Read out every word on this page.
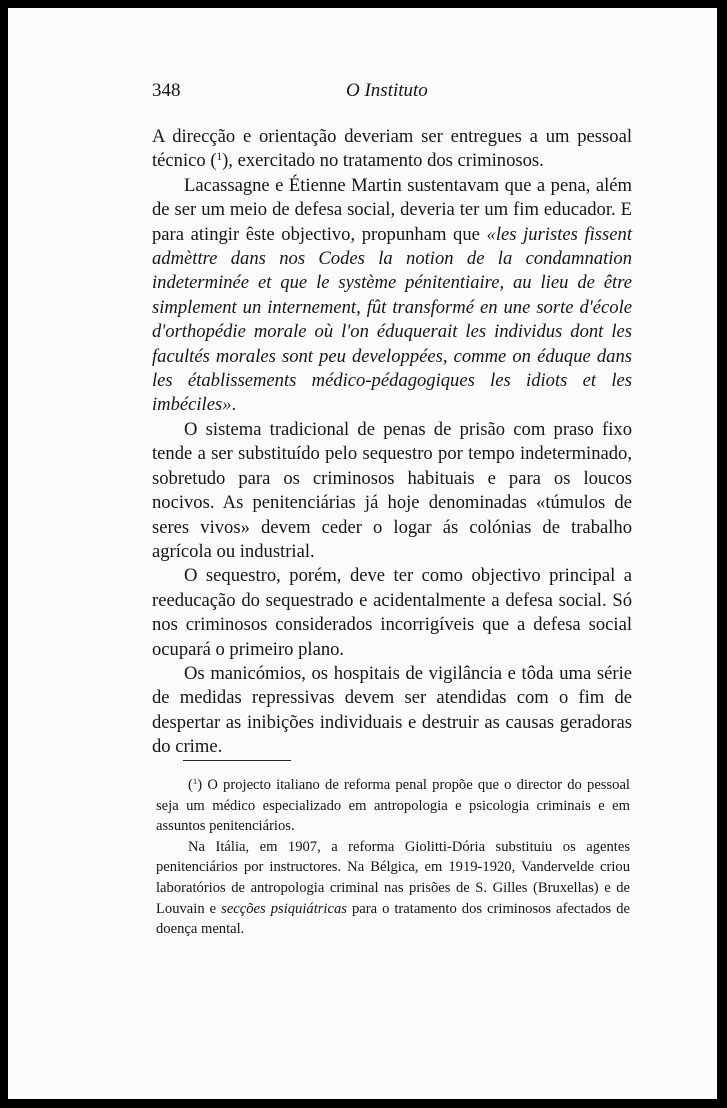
348	O Instituto

A direcção e orientação deveriam ser entregues a um pessoal técnico ($^1$), exercitado no tratamento dos criminosos.

Lacassagne e Étienne Martin sustentavam que a pena, além de ser um meio de defesa social, deveria ter um fim educador. E para atingir êste objectivo, propunham que «les juristes fissent admèttre dans nos Codes la notion de la condamnation indeterminée et que le système pénitentiaire, au lieu de être simplement un internement, fût transformé en une sorte d'école d'orthopédie morale où l'on éduquerait les individus dont les facultés morales sont peu developpées, comme on éduque dans les établissements médico-pédagogiques les idiots et les imbéciles».

O sistema tradicional de penas de prisão com praso fixo tende a ser substituído pelo sequestro por tempo indeterminado, sobretudo para os criminosos habituais e para os loucos nocivos. As penitenciárias já hoje denominadas «túmulos de seres vivos» devem ceder o logar ás colónias de trabalho agrícola ou industrial.

O sequestro, porém, deve ter como objectivo principal a reeducação do sequestrado e acidentalmente a defesa social. Só nos criminosos considerados incorrigíveis que a defesa social ocupará o primeiro plano.

Os manicómios, os hospitais de vigilância e tôda uma série de medidas repressivas devem ser atendidas com o fim de despertar as inibições individuais e destruir as causas geradoras do crime.

($^1$) O projecto italiano de reforma penal propõe que o director do pessoal seja um médico especializado em antropologia e psicologia criminais e em assuntos penitenciários.

Na Itália, em 1907, a reforma Giolitti-Dória substituiu os agentes penitenciários por instructores. Na Bélgica, em 1919-1920, Vandervelde criou laboratórios de antropologia criminal nas prisões de S. Gilles (Bruxellas) e de Louvain e secções psiquiátricas para o tratamento dos criminosos afectados de doença mental.
